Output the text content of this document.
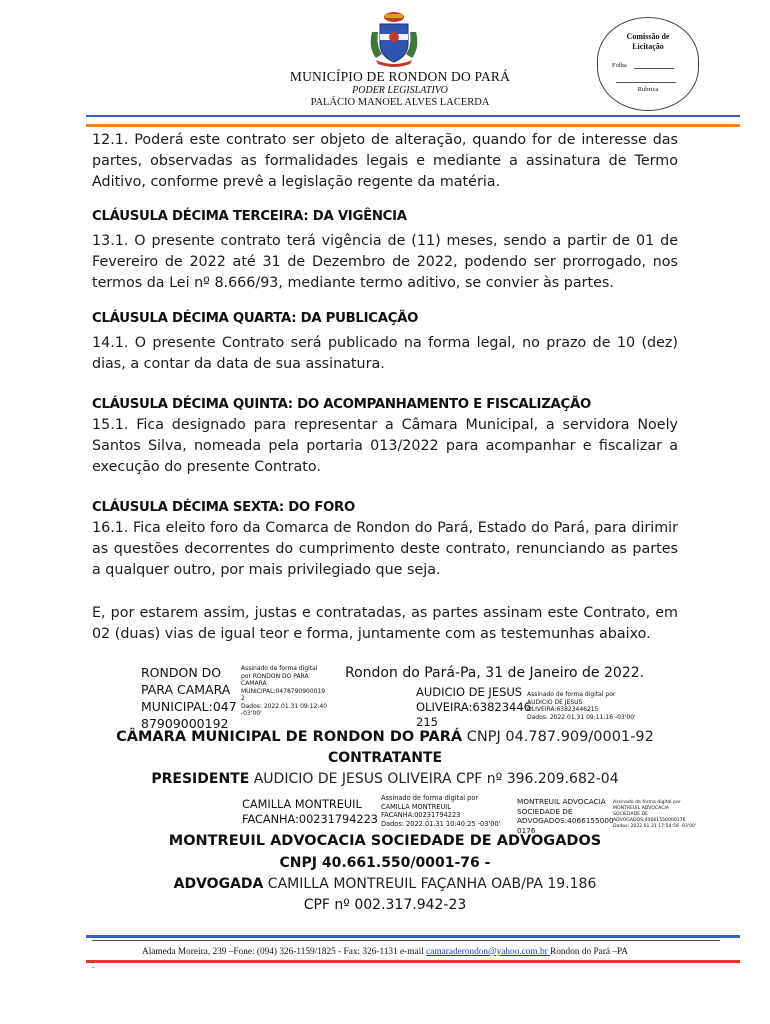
MUNICÍPIO DE RONDON DO PARÁ
PODER LEGISLATIVO
PALÁCIO MANOEL ALVES LACERDA
Comissão de
Licitação
Folha
Rubrica
12.1. Poderá este contrato ser objeto de alteração, quando for de interesse das partes, observadas as formalidades legais e mediante a assinatura de Termo Aditivo, conforme prevê a legislação regente da matéria.
CLÁUSULA DÉCIMA TERCEIRA: DA VIGÊNCIA
13.1. O presente contrato terá vigência de (11) meses, sendo a partir de 01 de Fevereiro de 2022 até 31 de Dezembro de 2022, podendo ser prorrogado, nos termos da Lei nº 8.666/93, mediante termo aditivo, se convier às partes.
CLÁUSULA DÉCIMA QUARTA: DA PUBLICAÇÃO
14.1. O presente Contrato será publicado na forma legal, no prazo de 10 (dez) dias, a contar da data de sua assinatura.
CLÁUSULA DÉCIMA QUINTA: DO ACOMPANHAMENTO E FISCALIZAÇÃO
15.1. Fica designado para representar a Câmara Municipal, a servidora Noely Santos Silva, nomeada pela portaria 013/2022 para acompanhar e fiscalizar a execução do presente Contrato.
CLÁUSULA DÉCIMA SEXTA: DO FORO
16.1. Fica eleito foro da Comarca de Rondon do Pará, Estado do Pará, para dirimir as questões decorrentes do cumprimento deste contrato, renunciando as partes a qualquer outro, por mais privilegiado que seja.
E, por estarem assim, justas e contratadas, as partes assinam este Contrato, em 02 (duas) vias de igual teor e forma, juntamente com as testemunhas abaixo.
RONDON DO
PARA CAMARA
MUNICIPAL:047
87909000192
Assinado de forma digital
por RONDON DO PARA
CAMARA
MUNICIPAL:0478790900019
2
Dados: 2022.01.31 09:12:40
-03'00'
Rondon do Pará-Pa, 31 de Janeiro de 2022.
AUDICIO DE JESUS
OLIVEIRA:63823446
215
Assinado de forma digital por
AUDICIO DE JESUS
OLIVEIRA:63823446215
Dados: 2022.01.31 09:11:16 -03'00'
CÂMARA MUNICIPAL DE RONDON DO PARÁ CNPJ 04.787.909/0001-92
CONTRATANTE
PRESIDENTE AUDICIO DE JESUS OLIVEIRA CPF nº 396.209.682-04
CAMILLA MONTREUIL
FACANHA:00231794223
Assinado de forma digital por
CAMILLA MONTREUIL
FACANHA:00231794223
Dados: 2022.01.31 10:40:25 -03'00'
MONTREUIL ADVOCACIA
SOCIEDADE DE
ADVOGADOS:4066155000
0176
Assinado de forma digital por
MONTREUIL ADVOCACIA
SOCIEDADE DE
ADVOGADOS:40661550000176
Dados: 2022.01.31 17:54:56 -03'00'
MONTREUIL ADVOCACIA SOCIEDADE DE ADVOGADOS
CNPJ 40.661.550/0001-76 -
ADVOGADA CAMILLA MONTREUIL FAÇANHA OAB/PA 19.186
CPF nº 002.317.942-23
Alameda Moreira, 239 –Fone: (094) 326-1159/1825 - Fax: 326-1131 e-mail camaraderondon@yahoo.com.br Rondon do Pará –PA
.
